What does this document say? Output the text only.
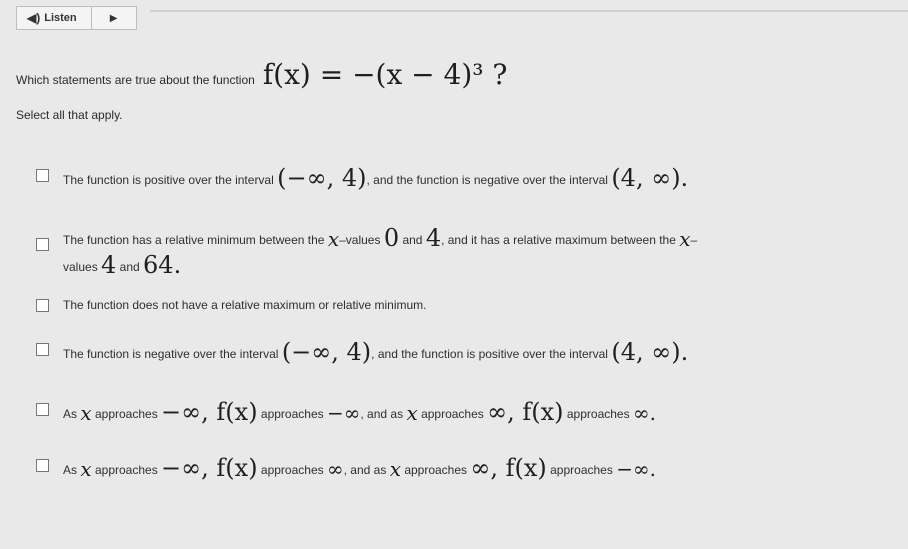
◀) Listen	▶
Which statements are true about the function f(x) = −(x − 4)³ ?
Select all that apply.
The function is positive over the interval (−∞, 4), and the function is negative over the interval (4, ∞).
The function has a relative minimum between the x–values 0 and 4, and it has a relative maximum between the x–
values 4 and 64.
The function does not have a relative maximum or relative minimum.
The function is negative over the interval (−∞, 4), and the function is positive over the interval (4, ∞).
As x approaches −∞, f(x) approaches −∞, and as x approaches ∞, f(x) approaches ∞.
As x approaches −∞, f(x) approaches ∞, and as x approaches ∞, f(x) approaches −∞.
